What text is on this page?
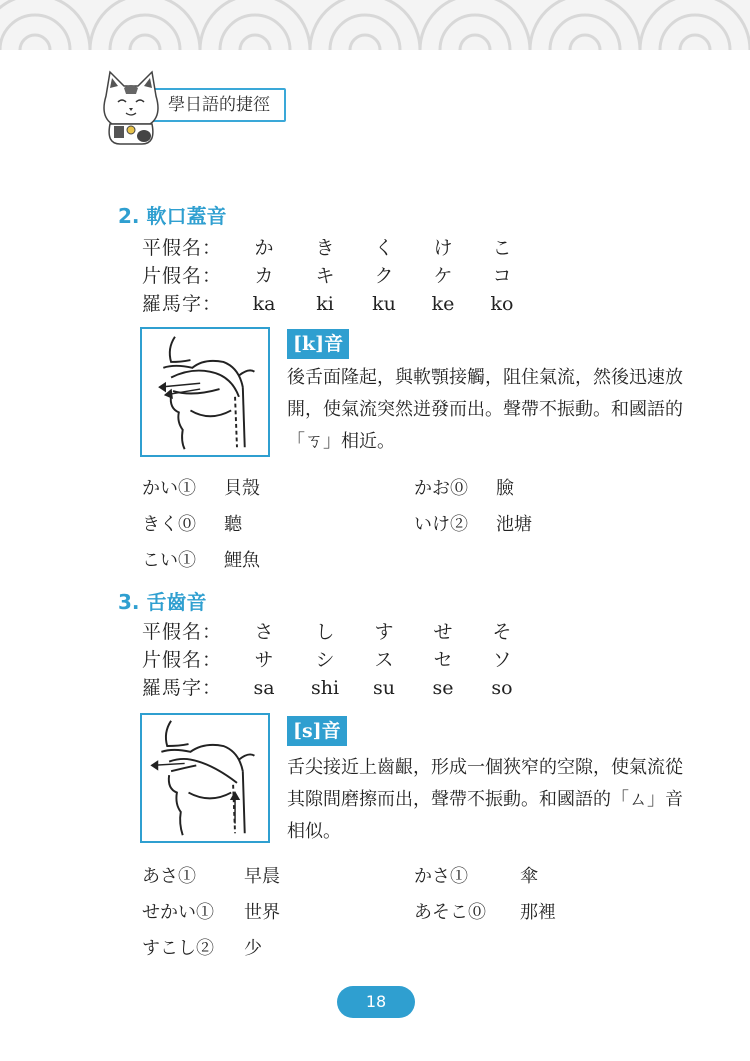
學日語的捷徑
2. 軟口蓋音
平假名：	か	き	く	け	こ
片假名：	カ	キ	ク	ケ	コ
羅馬字：	ka	ki	ku	ke	ko
[k]音
後舌面隆起，與軟顎接觸，阻住氣流，然後迅速放開，使氣流突然迸發而出。聲帶不振動。和國語的「ㄎ」相近。
かい① 貝殼	かお⓪ 臉
きく⓪ 聽	いけ② 池塘
こい① 鯉魚
3. 舌齒音
平假名：	さ	し	す	せ	そ
片假名：	サ	シ	ス	セ	ソ
羅馬字：	sa	shi	su	se	so
[s]音
舌尖接近上齒齦，形成一個狹窄的空隙，使氣流從其隙間磨擦而出，聲帶不振動。和國語的「ㄙ」音相似。
あさ①	早晨	かさ①	傘
せかい① 世界	あそこ⓪ 那裡
すこし② 少
18
